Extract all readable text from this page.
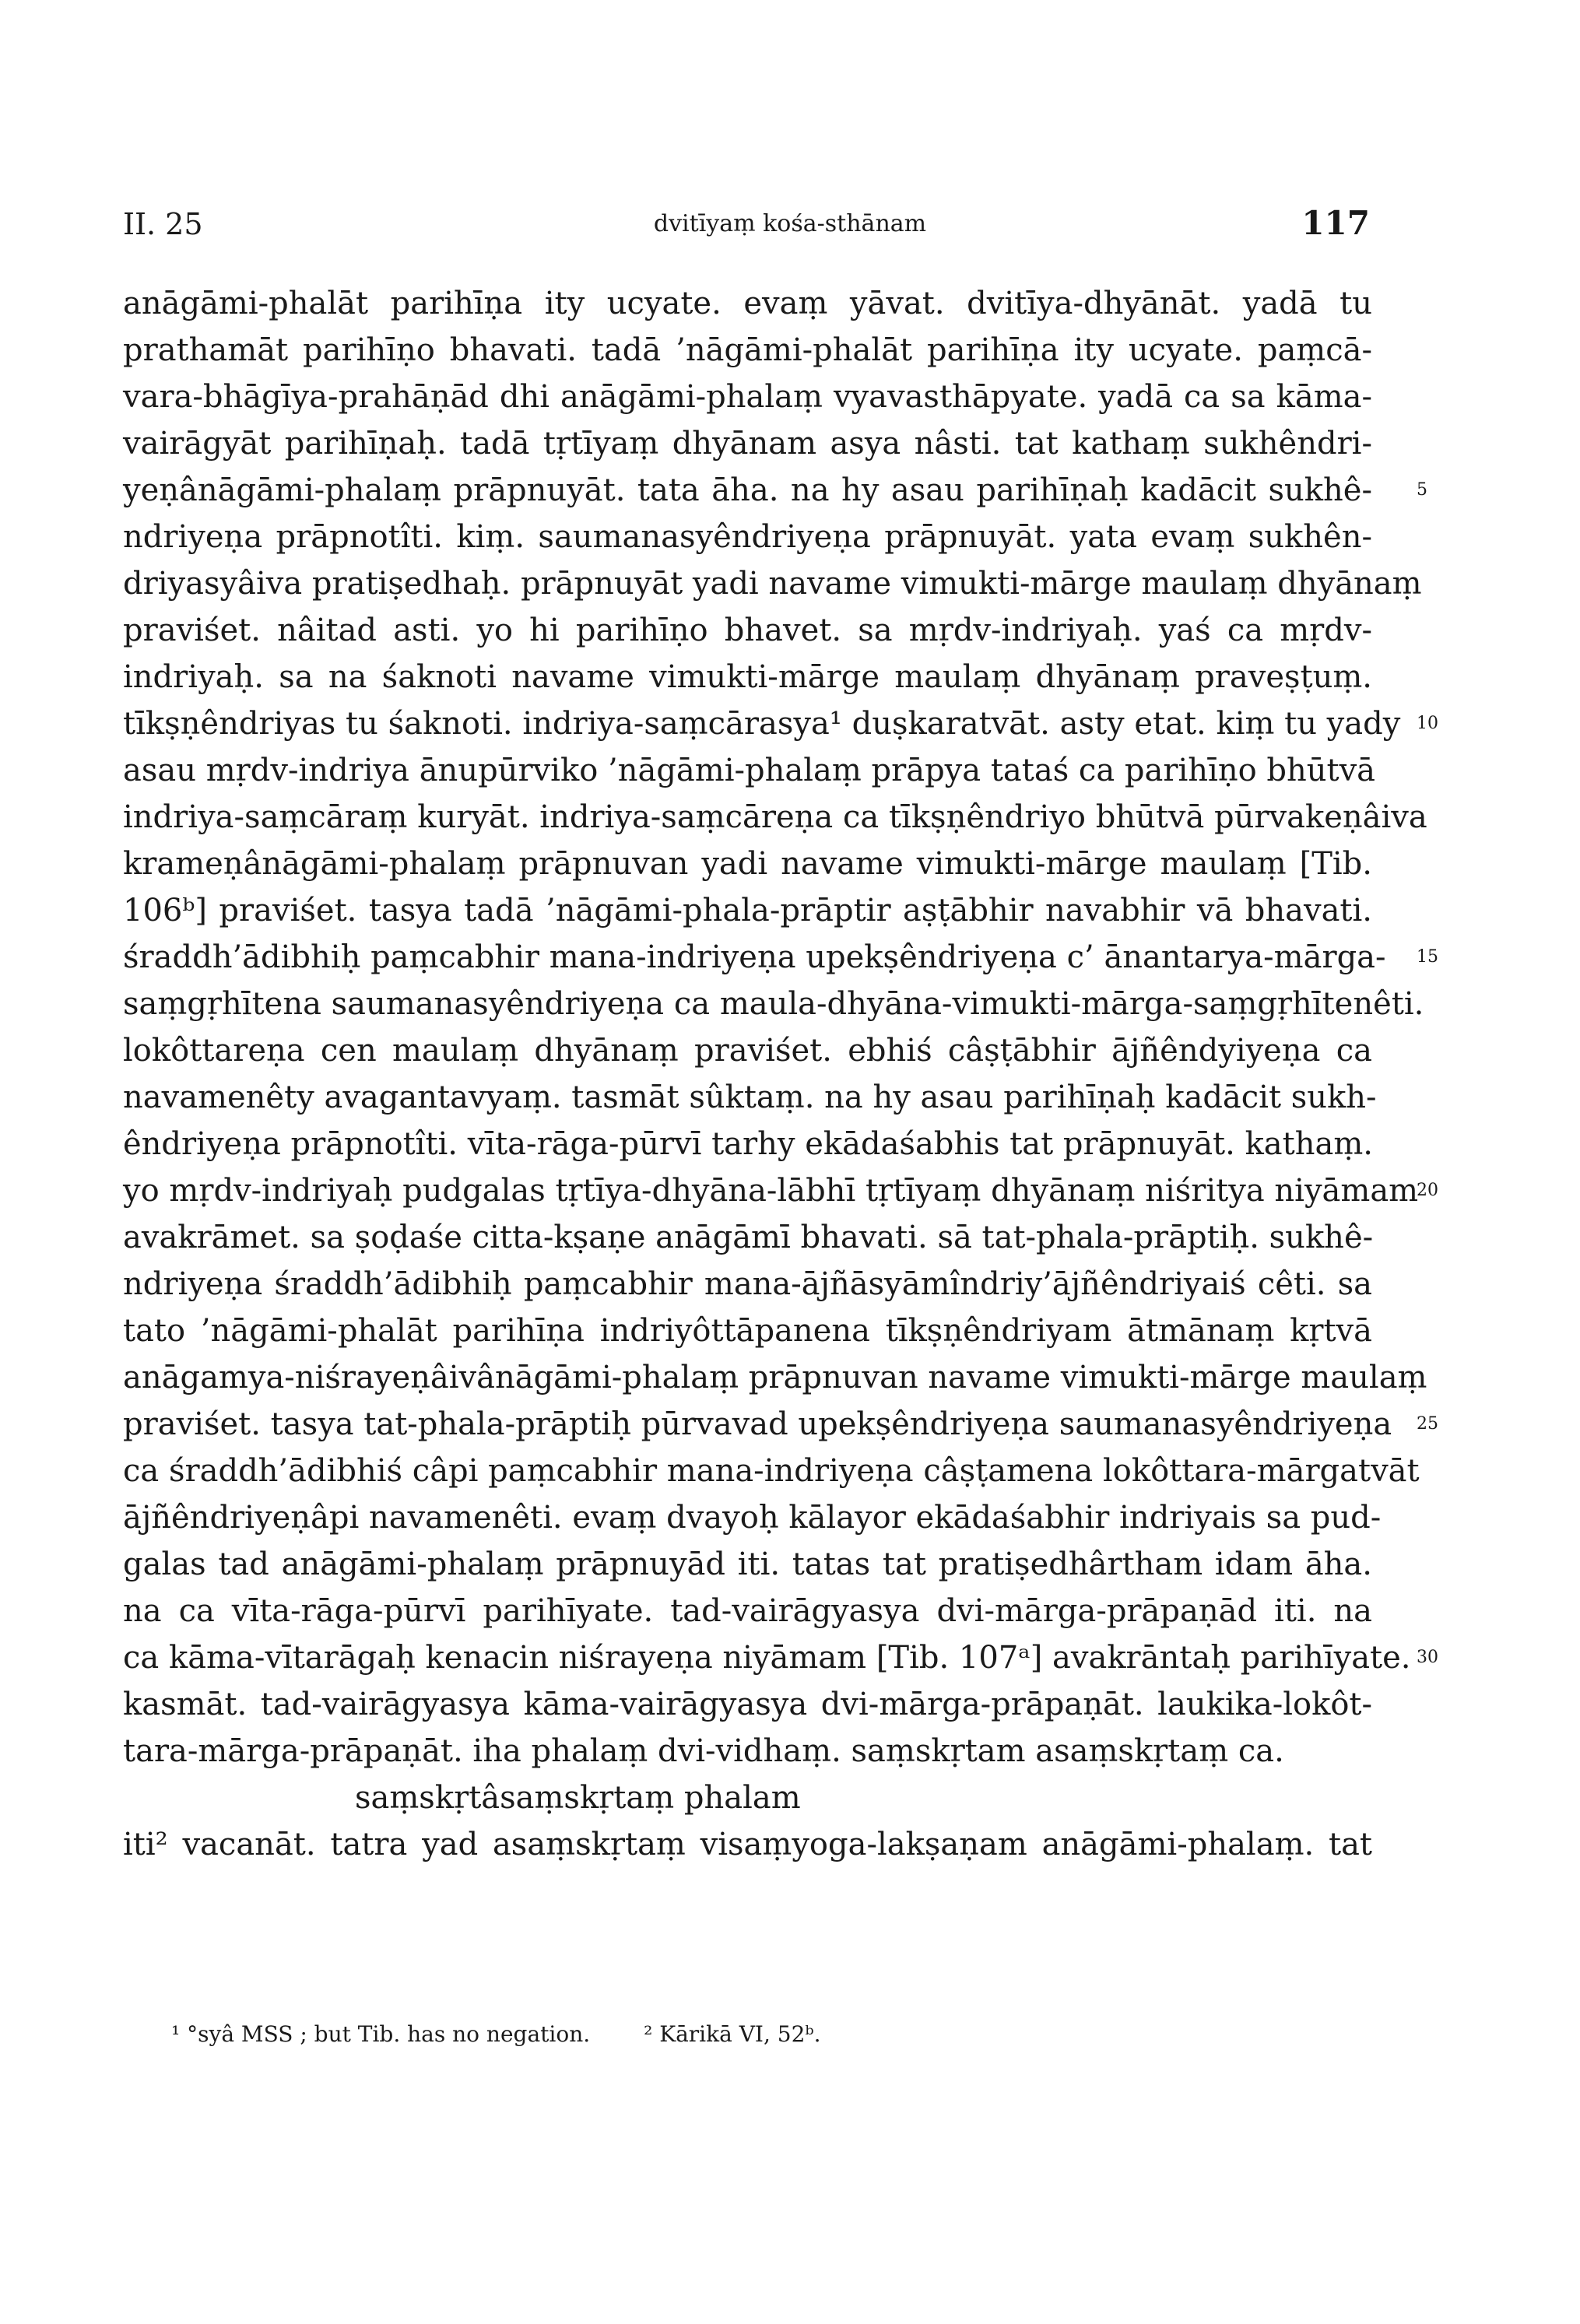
II. 25	dvitīyaṃ kośa-sthānam	117
anāgāmi-phalāt parihīṇa ity ucyate. evaṃ yāvat. dvitīya-dhyānāt. yadā tu
prathamāt parihīṇo bhavati. tadā ’nāgāmi-phalāt parihīṇa ity ucyate. paṃcā-
vara-bhāgīya-prahāṇād dhi anāgāmi-phalaṃ vyavasthāpyate. yadā ca sa kāma-
vairāgyāt parihīṇaḥ. tadā tṛtīyaṃ dhyānam asya nâsti. tat kathaṃ sukhêndri-
yeṇânāgāmi-phalaṃ prāpnuyāt. tata āha. na hy asau parihīṇaḥ kadācit sukhê-	5
ndriyeṇa prāpnotîti. kiṃ. saumanasyêndriyeṇa prāpnuyāt. yata evaṃ sukhên-
driyasyâiva pratiṣedhaḥ. prāpnuyāt yadi navame vimukti-mārge maulaṃ dhyānaṃ
praviśet. nâitad asti. yo hi parihīṇo bhavet. sa mṛdv-indriyaḥ. yaś ca mṛdv-
indriyaḥ. sa na śaknoti navame vimukti-mārge maulaṃ dhyānaṃ praveṣṭuṃ.
tīkṣṇêndriyas tu śaknoti. indriya-saṃcārasya¹ duṣkaratvāt. asty etat. kiṃ tu yady 10
asau mṛdv-indriya ānupūrviko ’nāgāmi-phalaṃ prāpya tataś ca parihīṇo bhūtvā
indriya-saṃcāraṃ kuryāt. indriya-saṃcāreṇa ca tīkṣṇêndriyo bhūtvā pūrvakeṇâiva
krameṇânāgāmi-phalaṃ prāpnuvan yadi navame vimukti-mārge maulaṃ [Tib.
106ᵇ] praviśet. tasya tadā ’nāgāmi-phala-prāptir aṣṭābhir navabhir vā bhavati.
śraddh’ādibhiḥ paṃcabhir mana-indriyeṇa upekṣêndriyeṇa c’ ānantarya-mārga- 15
saṃgṛhītena saumanasyêndriyeṇa ca maula-dhyāna-vimukti-mārga-saṃgṛhītenêti.
lokôttareṇa cen maulaṃ dhyānaṃ praviśet. ebhiś câṣṭābhir ājñêndyiyeṇa ca
navamenêty avagantavyaṃ. tasmāt sûktaṃ. na hy asau parihīṇaḥ kadācit sukh-
êndriyeṇa prāpnotîti. vīta-rāga-pūrvī tarhy ekādaśabhis tat prāpnuyāt. kathaṃ.
yo mṛdv-indriyaḥ pudgalas tṛtīya-dhyāna-lābhī tṛtīyaṃ dhyānaṃ niśritya niyāmam
20
avakrāmet. sa ṣoḍaśe citta-kṣaṇe anāgāmī bhavati. sā tat-phala-prāptiḥ. sukhê-
ndriyeṇa śraddh’ādibhiḥ paṃcabhir mana-ājñāsyāmîndriy’ājñêndriyaiś cêti. sa
tato ’nāgāmi-phalāt parihīṇa indriyôttāpanena tīkṣṇêndriyam ātmānaṃ kṛtvā
anāgamya-niśrayeṇâivânāgāmi-phalaṃ prāpnuvan navame vimukti-mārge maulaṃ
praviśet. tasya tat-phala-prāptiḥ pūrvavad upekṣêndriyeṇa saumanasyêndriyeṇa 25
ca śraddh’ādibhiś câpi paṃcabhir mana-indriyeṇa câṣṭamena lokôttara-mārgatvāt
ājñêndriyeṇâpi navamenêti. evaṃ dvayoḥ kālayor ekādaśabhir indriyais sa pud-
galas tad anāgāmi-phalaṃ prāpnuyād iti. tatas tat pratiṣedhârtham idam āha.
na ca vīta-rāga-pūrvī parihīyate. tad-vairāgyasya dvi-mārga-prāpaṇād iti. na
ca kāma-vītarāgaḥ kenacin niśrayeṇa niyāmam [Tib. 107ᵃ] avakrāntaḥ parihīyate. 30
kasmāt. tad-vairāgyasya kāma-vairāgyasya dvi-mārga-prāpaṇāt. laukika-lokôt-
tara-mārga-prāpaṇāt. iha phalaṃ dvi-vidhaṃ. saṃskṛtam asaṃskṛtaṃ ca.
saṃskṛtâsaṃskṛtaṃ phalam
iti² vacanāt. tatra yad asaṃskṛtaṃ visaṃyoga-lakṣaṇam anāgāmi-phalaṃ. tat
¹ °syâ MSS ; but Tib. has no negation. ² Kārikā VI, 52ᵇ.
